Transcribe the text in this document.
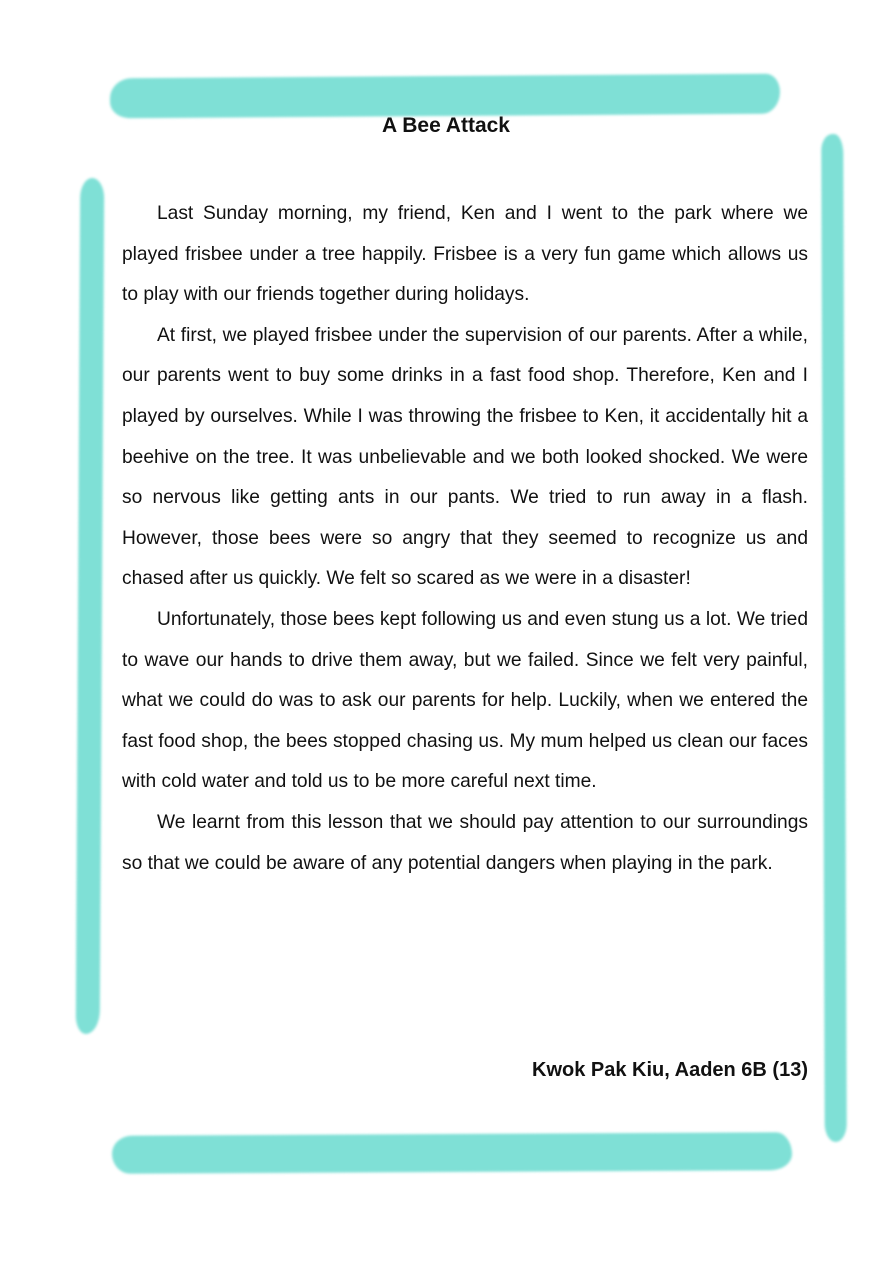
A Bee Attack

Last Sunday morning, my friend, Ken and I went to the park where we played frisbee under a tree happily. Frisbee is a very fun game which allows us to play with our friends together during holidays.

At first, we played frisbee under the supervision of our parents. After a while, our parents went to buy some drinks in a fast food shop. Therefore, Ken and I played by ourselves. While I was throwing the frisbee to Ken, it accidentally hit a beehive on the tree. It was unbelievable and we both looked shocked. We were so nervous like getting ants in our pants. We tried to run away in a flash. However, those bees were so angry that they seemed to recognize us and chased after us quickly. We felt so scared as we were in a disaster!

Unfortunately, those bees kept following us and even stung us a lot. We tried to wave our hands to drive them away, but we failed. Since we felt very painful, what we could do was to ask our parents for help. Luckily, when we entered the fast food shop, the bees stopped chasing us. My mum helped us clean our faces with cold water and told us to be more careful next time.

We learnt from this lesson that we should pay attention to our surroundings so that we could be aware of any potential dangers when playing in the park.

Kwok Pak Kiu, Aaden 6B (13)
